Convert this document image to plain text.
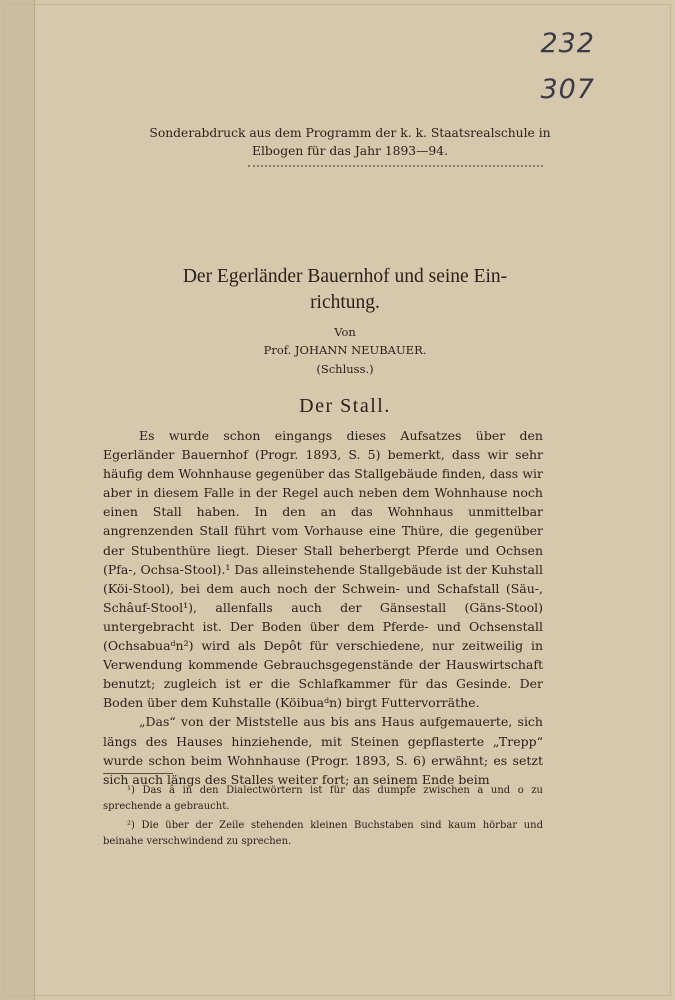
232
307
Sonderabdruck aus dem Programm der k. k. Staatsrealschule in
Elbogen für das Jahr 1893—94.
Der Egerländer Bauernhof und seine Ein-
richtung.
Von
Prof. JOHANN NEUBAUER.
(Schluss.)
Der Stall.

Es wurde schon eingangs dieses Aufsatzes über den Egerländer Bauernhof (Progr. 1893, S. 5) bemerkt, dass wir sehr häufig dem Wohnhause gegenüber das Stallgebäude finden, dass wir aber in diesem Falle in der Regel auch neben dem Wohnhause noch einen Stall haben. In den an das Wohnhaus unmittelbar angrenzenden Stall führt vom Vorhause eine Thüre, die gegenüber der Stubenthüre liegt. Dieser Stall beherbergt Pferde und Ochsen (Pfa-, Ochsa-Stool).¹ Das alleinstehende Stallgebäude ist der Kuhstall (Köi-Stool), bei dem auch noch der Schwein- und Schafstall (Säu-, Schâuf-Stool¹), allenfalls auch der Gänsestall (Gäns-Stool) untergebracht ist. Der Boden über dem Pferde- und Ochsenstall (Ochsabuaᵈn²) wird als Depôt für verschiedene, nur zeitweilig in Verwendung kommende Gebrauchsgegenstände der Hauswirtschaft benutzt; zugleich ist er die Schlafkammer für das Gesinde. Der Boden über dem Kuhstalle (Köibuaᵈn) birgt Futtervorräthe.

„Das“ von der Miststelle aus bis ans Haus aufgemauerte, sich längs des Hauses hinziehende, mit Steinen gepflasterte „Trepp“ wurde schon beim Wohnhause (Progr. 1893, S. 6) erwähnt; es setzt sich auch längs des Stalles weiter fort; an seinem Ende beim

¹) Das â in den Dialectwörtern ist für das dumpfe zwischen a und o zu sprechende a gebraucht.

²) Die über der Zeile stehenden kleinen Buchstaben sind kaum hörbar und beinahe verschwindend zu sprechen.
